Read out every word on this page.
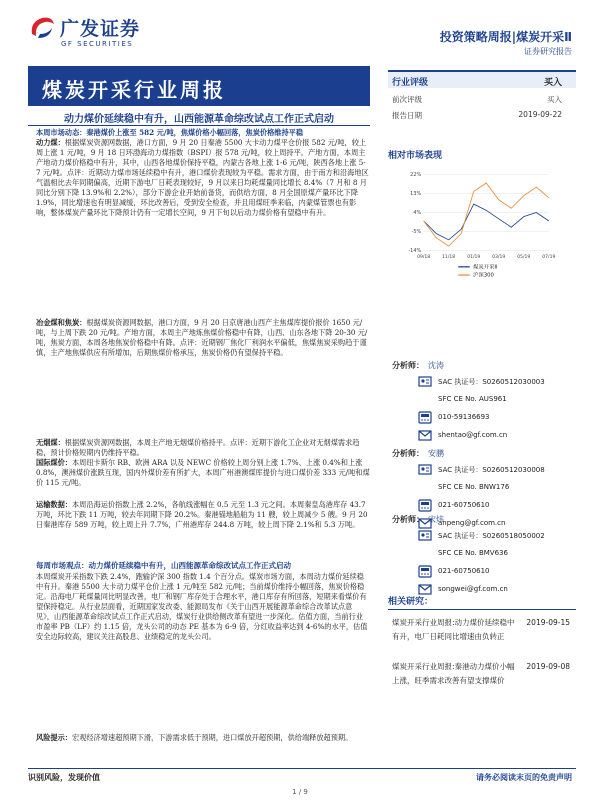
广发证券
GF SECURITIES	投资策略周报|煤炭开采Ⅱ
证券研究报告
煤炭开采行业周报
动力煤价延续稳中有升，山西能源革命综改试点工作正式启动
本周市场动态：秦港煤价上涨至 582 元/吨，焦煤价格小幅回落，焦炭价格维持平稳
动力煤：根据煤炭资源网数据，港口方面，9 月 20 日秦港 5500 大卡动力煤平仓价报 582 元/吨，较上周上涨 1 元/吨，9 月 18 日环渤海动力煤指数（BSPI）报 578 元/吨，较上周持平。产地方面，本周主产地动力煤价格稳中有升，其中，山西各地煤价保持平稳，内蒙古各地上涨 1-6 元/吨，陕西各地上涨 5-7 元/吨。点评：近期动力煤市场延续稳中有升，港口煤价表现较为平稳。需求方面，由于南方和沿海地区气温相比去年同期偏高，近期下游电厂日耗表现较好，9 月以来日均耗煤量同比增长 8.4%（7 月和 8 月同比分别下降 13.9%和 2.2%），部分下游企业开始前备货，而供给方面，8 月全国原煤产量环比下降 1.9%，同比增速也有明显减缓，环比改善后，受到安全检查，并且用煤旺季来临，内蒙煤管票也有影响，整体煤炭产量环比下降预计仍有一定增长空间，9 月下旬以后动力煤价格有望稳中有升。
冶金煤和焦炭：根据煤炭资源网数据，港口方面，9 月 20 日京唐港山西产主焦煤库提价报价 1650 元/吨，与上周下跌 20 元/吨。产地方面，本周主产地炼焦煤价格稳中有降，山西、山东各地下降 20-30 元/吨，焦炭方面，本周各地焦炭价格稳中有降。点评：近期钢厂焦化厂利润水平偏低，焦煤焦炭采购趋于谨慎，主产地焦煤供应有所增加，后期焦煤价格承压，焦炭价格仍有望保持平稳。
无烟煤：根据煤炭资源网数据，本周主产地无烟煤价格持平。点评：近期下游化工企业对无烟煤需求趋稳，预计价格短期内仍维持平稳。
国际煤价：本周纽卡斯尔 RB、欧洲 ARA 以及 NEWC 价格较上周分别上涨 1.7%、上涨 0.4%和上涨 0.8%，澳洲煤价涨跌互现，国内外煤价差有所扩大，本周广州港澳煤库提价与进口煤价差 333 元/吨和煤价 115 元/吨。
运输数据：本周沿海运价指数上涨 2.2%，各航线涨幅在 0.5 元至 1.3 元之间。本周秦皇岛港库存 43.7 万吨，环比下跌 11 万吨，较去年同期下降 20.2%。秦港锚地船舶为 11 艘，较上周减少 5 艘。9 月 20 日秦港库存 589 万吨，较上周上升 7.7%，广州港库存 244.8 万吨，较上周下降 2.1%和 5.3 万吨。
每周市场观点：动力煤价延续稳中有升，山西能源革命综改试点工作正式启动
本周煤炭开采指数下跌 2.4%，跑输沪深 300 指数 1.4 个百分点。煤炭市场方面，本周动力煤价延续稳中有升。秦港 5500 大卡动力煤平仓价上涨 1 元/吨至 582 元/吨；当前煤价维持小幅回落，焦炭价格稳定。沿海电厂耗煤量同比明显改善，电厂和钢厂库存处于合理水平，港口库存有所回落，短期来看煤价有望保持稳定。从行业层面看，近期国家发改委、能源局发布《关于山西开展能源革命综合改革试点意见》，山西能源革命综改试点工作正式启动，煤炭行业供给侧改革有望进一步深化。估值方面，当前行业市盈率 PB（LF）约 1.15 倍，龙头公司的动态 PE 基本为 6-9 倍，分红收益率达到 4-6%的水平，估值安全边际较高，建议关注高股息、业绩稳定的龙头公司。
风险提示：宏观经济增速超预期下滑，下游需求低于预期，进口煤放开超预期，供给端释放超预期。
行业评级	买入
前次评级	买入
报告日期	2019-09-22
相对市场表现
-14%
-5%
4%
13%
22%
09/18 11/18 01/19 03/19 05/19 07/19
煤炭开采Ⅱ
沪深300
分析师： 沈涛
SAC 执证号：S0260512030003
SFC CE No. AUS961
010-59136693
shentao@gf.com.cn
分析师： 安鹏
SAC 执证号：S0260512030008
SFC CE No. BNW176
021-60750610
anpeng@gf.com.cn
分析师： 宋炜
SAC 执证号：S0260518050002
SFC CE No. BMV636
021-60750610
songwei@gf.com.cn
相关研究：
煤炭开采行业周报:动力煤价延续稳中有升，电厂日耗同比增速由负转正
2019-09-15
煤炭开采行业周报:秦港动力煤价小幅上涨，旺季需求改善有望支撑煤价
2019-09-08
识别风险，发现价值	请务必阅读末页的免责声明
1 / 9
